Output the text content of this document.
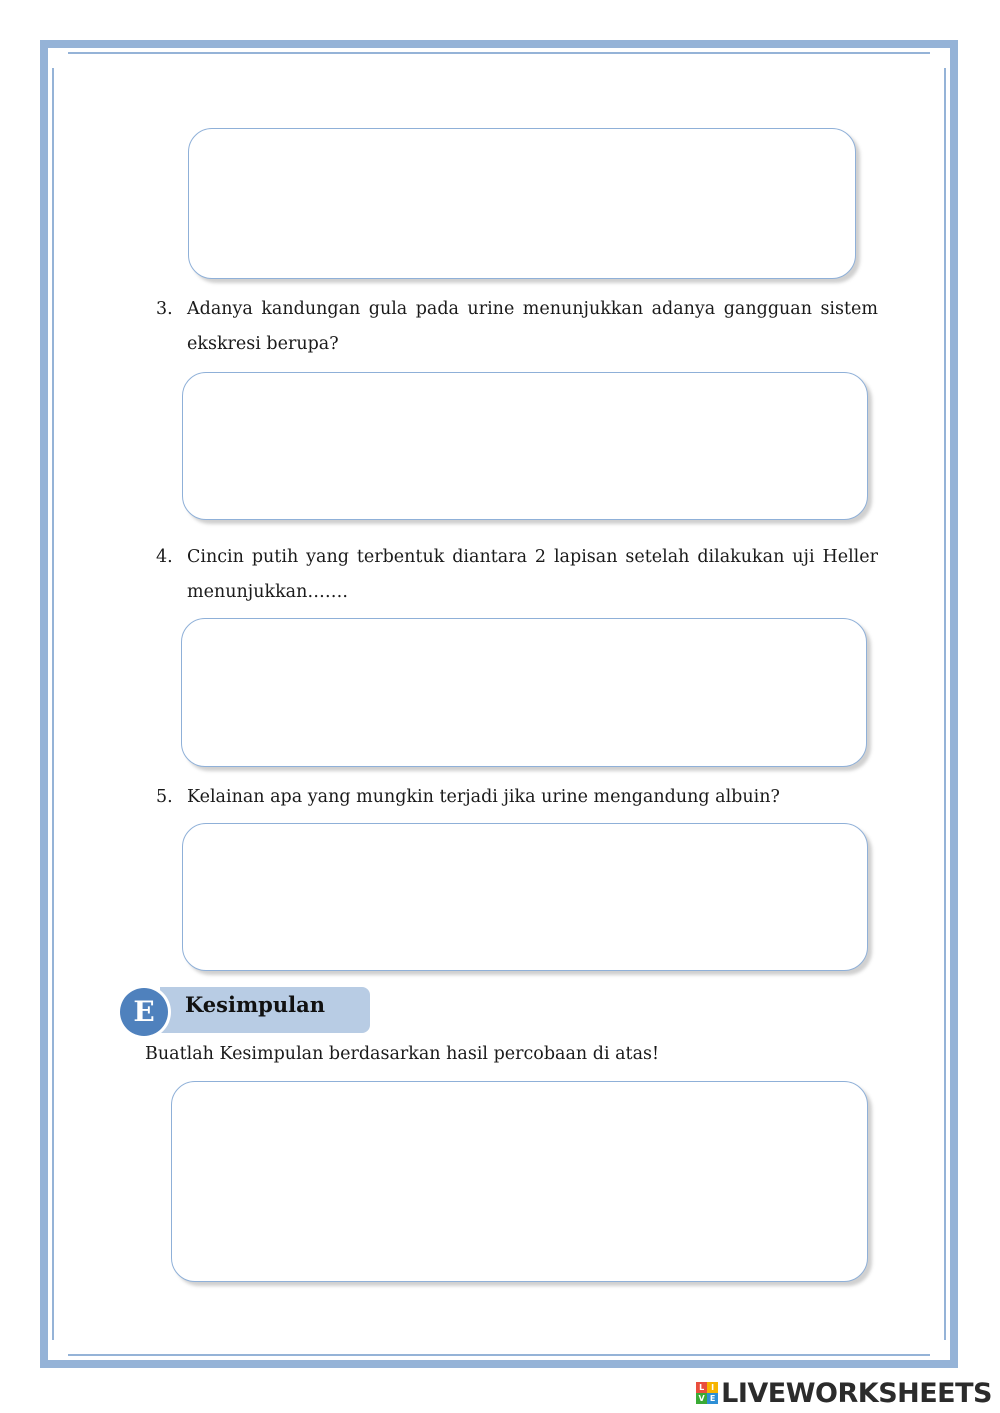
3. Adanya kandungan gula pada urine menunjukkan adanya gangguan sistem ekskresi berupa?
4. Cincin putih yang terbentuk diantara 2 lapisan setelah dilakukan uji Heller menunjukkan…….
5. Kelainan apa yang mungkin terjadi jika urine mengandung albuin?
E	Kesimpulan
Buatlah Kesimpulan berdasarkan hasil percobaan di atas!
L I
V E LIVEWORKSHEETS
